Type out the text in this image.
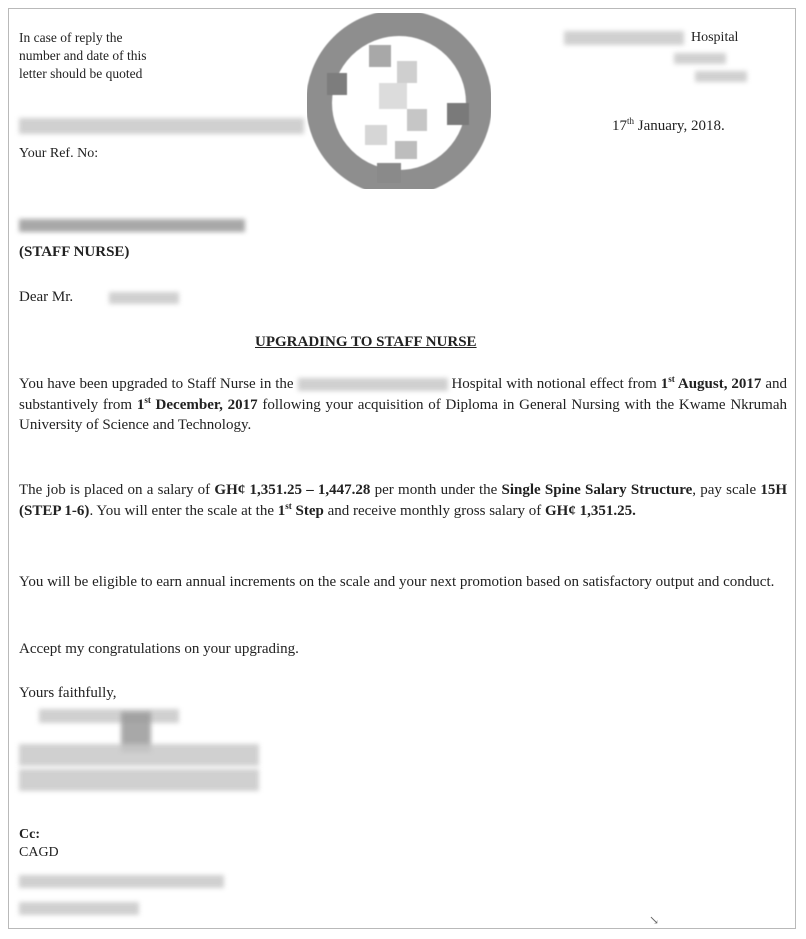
In case of reply the
number and date of this
letter should be quoted
Hospital
Your Ref. No:
17th January, 2018.
(STAFF NURSE)
Dear Mr.
UPGRADING TO STAFF NURSE
You have been upgraded to Staff Nurse in the	Hospital with notional effect from 1st August, 2017 and substantively from 1st December, 2017 following your acquisition of Diploma in General Nursing with the Kwame Nkrumah University of Science and Technology.
The job is placed on a salary of GH¢ 1,351.25 – 1,447.28 per month under the Single Spine Salary Structure, pay scale 15H (STEP 1-6). You will enter the scale at the 1st Step and receive monthly gross salary of GH¢ 1,351.25.
You will be eligible to earn annual increments on the scale and your next promotion based on satisfactory output and conduct.
Accept my congratulations on your upgrading.
Yours faithfully,
Cc:
CAGD
↘
